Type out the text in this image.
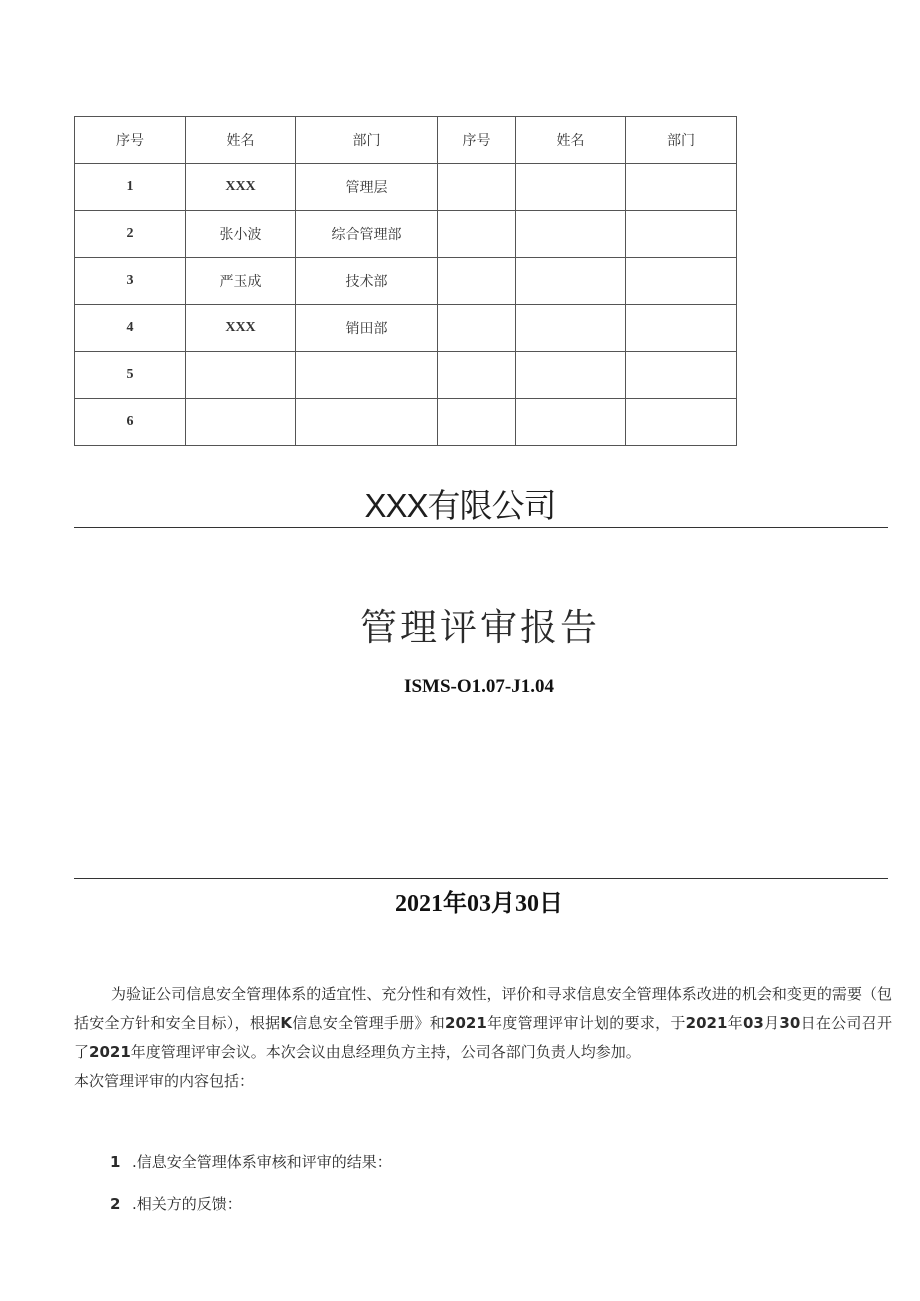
序号	姓名	部门	序号	姓名	部门
1	XXX	管理层			
2	张小波	综合管理部			
3	严玉成	技术部			
4	XXX	销田部			
5					
6					
XXX有限公司
管理评审报告
ISMS-O1.07-J1.04
2021年03月30日

为验证公司信息安全管理体系的适宜性、充分性和有效性，评价和寻求信息安全管理体系改进的机会和变更的需要（包括安全方针和安全目标），根据K信息安全管理手册》和2021年度管理评审计划的要求，于2021年03月30日在公司召开了2021年度管理评审会议。本次会议由息经理负方主持，公司各部门负责人均参加。

本次管理评审的内容包括：

1 .信息安全管理体系审核和评审的结果：
2 .相关方的反馈：
